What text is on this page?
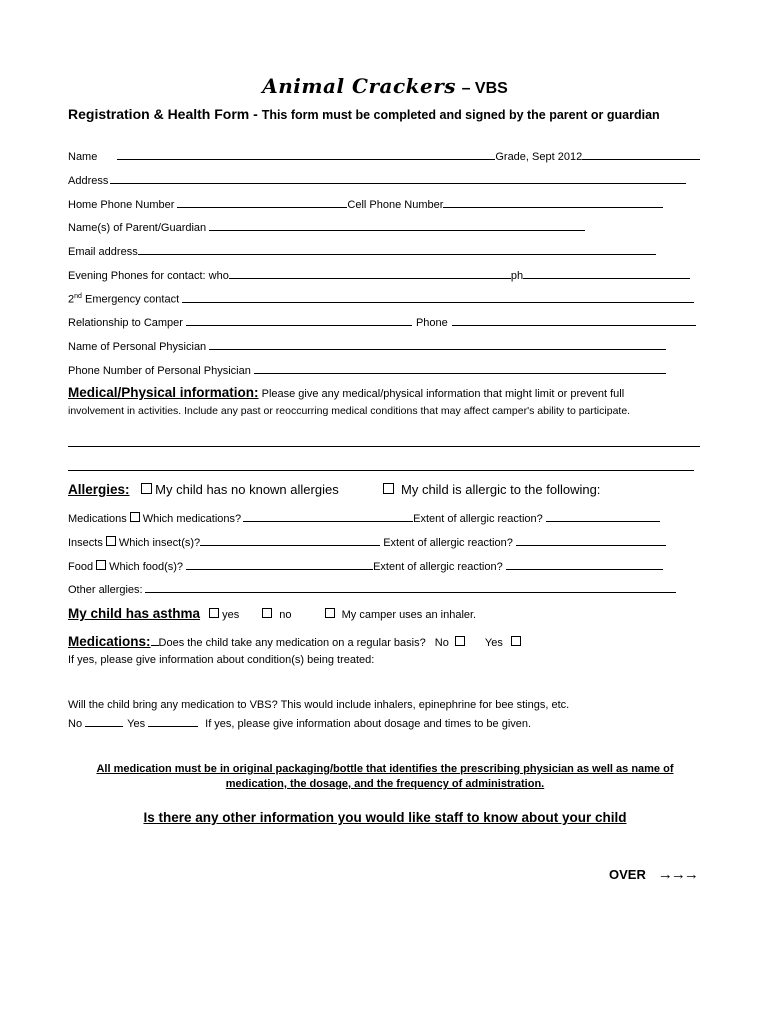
Animal Crackers – VBS
Registration & Health Form - This form must be completed and signed by the parent or guardian
Name	Grade, Sept 2012
Address
Home Phone Number	Cell Phone Number
Name(s) of Parent/Guardian
Email address
Evening Phones for contact: who	ph
2nd Emergency contact
Relationship to Camper	Phone
Name of Personal Physician
Phone Number of Personal Physician
Medical/Physical information: Please give any medical/physical information that might limit or prevent full
involvement in activities. Include any past or reoccurring medical conditions that may affect camper's ability to participate.
Allergies: My child has no known allergies	My child is allergic to the following:
Medications Which medications?	Extent of allergic reaction?
Insects Which insect(s)?	Extent of allergic reaction?
Food Which food(s)?	Extent of allergic reaction?
Other allergies:
My child has asthma yes	no	My camper uses an inhaler.
Medications: Does the child take any medication on a regular basis? No	Yes
If yes, please give information about condition(s) being treated:
Will the child bring any medication to VBS? This would include inhalers, epinephrine for bee stings, etc.
No	Yes	If yes, please give information about dosage and times to be given.
All medication must be in original packaging/bottle that identifies the prescribing physician as well as name of
medication, the dosage, and the frequency of administration.
Is there any other information you would like staff to know about your child
OVER →→→
